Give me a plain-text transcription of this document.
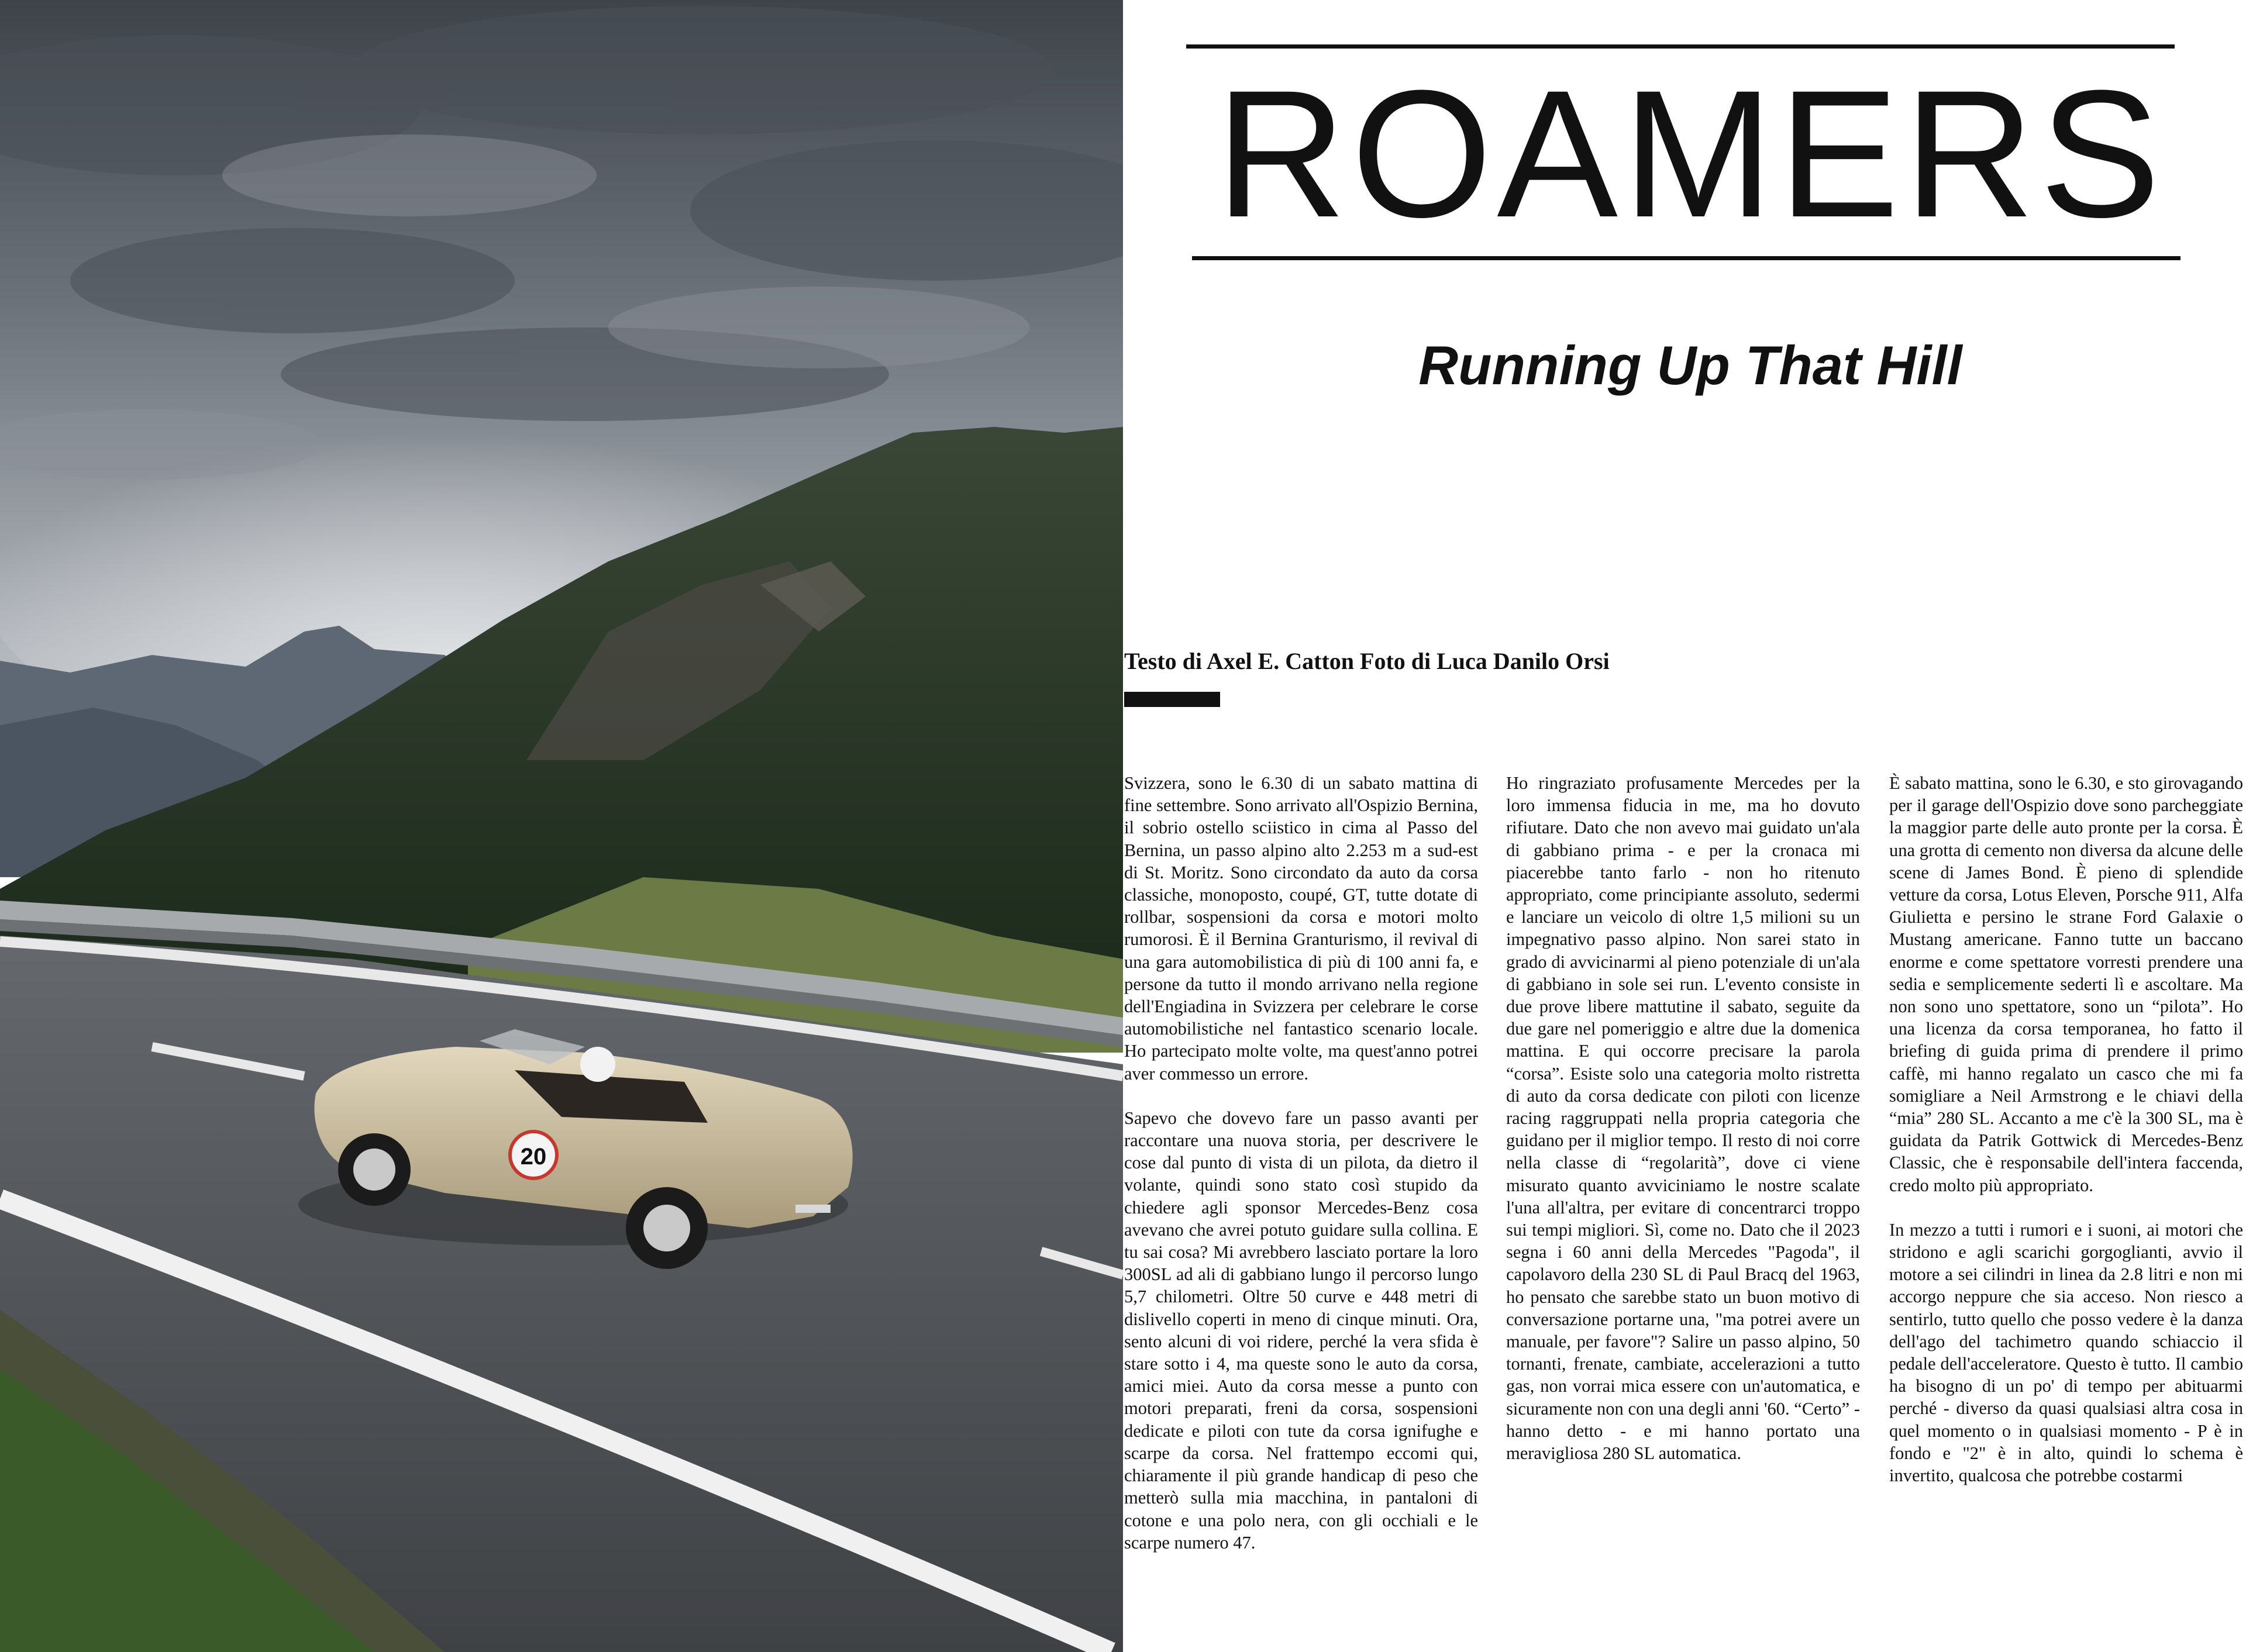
20
ROAMERS
Running Up That Hill
Testo di Axel E. Catton Foto di Luca Danilo Orsi

Svizzera, sono le 6.30 di un sabato mattina di fine settembre. Sono arrivato all'Ospizio Bernina, il sobrio ostello sciistico in cima al Passo del Bernina, un passo alpino alto 2.253 m a sud-est di St. Moritz. Sono circondato da auto da corsa classiche, monoposto, coupé, GT, tutte dotate di rollbar, sospensioni da corsa e motori molto rumorosi. È il Bernina Granturismo, il revival di una gara automobilistica di più di 100 anni fa, e persone da tutto il mondo arrivano nella regione dell'Engiadina in Svizzera per celebrare le corse automobilistiche nel fantastico scenario locale. Ho partecipato molte volte, ma quest'anno potrei aver commesso un errore.

Sapevo che dovevo fare un passo avanti per raccontare una nuova storia, per descrivere le cose dal punto di vista di un pilota, da dietro il volante, quindi sono stato così stupido da chiedere agli sponsor Mercedes-Benz cosa avevano che avrei potuto guidare sulla collina. E tu sai cosa? Mi avrebbero lasciato portare la loro 300SL ad ali di gabbiano lungo il percorso lungo 5,7 chilometri. Oltre 50 curve e 448 metri di dislivello coperti in meno di cinque minuti. Ora, sento alcuni di voi ridere, perché la vera sfida è stare sotto i 4, ma queste sono le auto da corsa, amici miei. Auto da corsa messe a punto con motori preparati, freni da corsa, sospensioni dedicate e piloti con tute da corsa ignifughe e scarpe da corsa. Nel frattempo eccomi qui, chiaramente il più grande handicap di peso che metterò sulla mia macchina, in pantaloni di cotone e una polo nera, con gli occhiali e le scarpe numero 47.

Ho ringraziato profusamente Mercedes per la loro immensa fiducia in me, ma ho dovuto rifiutare. Dato che non avevo mai guidato un'ala di gabbiano prima - e per la cronaca mi piacerebbe tanto farlo - non ho ritenuto appropriato, come principiante assoluto, sedermi e lanciare un veicolo di oltre 1,5 milioni su un impegnativo passo alpino. Non sarei stato in grado di avvicinarmi al pieno potenziale di un'ala di gabbiano in sole sei run. L'evento consiste in due prove libere mattutine il sabato, seguite da due gare nel pomeriggio e altre due la domenica mattina. E qui occorre precisare la parola “corsa”. Esiste solo una categoria molto ristretta di auto da corsa dedicate con piloti con licenze racing raggruppati nella propria categoria che guidano per il miglior tempo. Il resto di noi corre nella classe di “regolarità”, dove ci viene misurato quanto avviciniamo le nostre scalate l'una all'altra, per evitare di concentrarci troppo sui tempi migliori. Sì, come no. Dato che il 2023 segna i 60 anni della Mercedes "Pagoda", il capolavoro della 230 SL di Paul Bracq del 1963, ho pensato che sarebbe stato un buon motivo di conversazione portarne una, "ma potrei avere un manuale, per favore"? Salire un passo alpino, 50 tornanti, frenate, cambiate, accelerazioni a tutto gas, non vorrai mica essere con un'automatica, e sicuramente non con una degli anni '60. “Certo” - hanno detto - e mi hanno portato una meravigliosa 280 SL automatica.

È sabato mattina, sono le 6.30, e sto girovagando per il garage dell'Ospizio dove sono parcheggiate la maggior parte delle auto pronte per la corsa. È una grotta di cemento non diversa da alcune delle scene di James Bond. È pieno di splendide vetture da corsa, Lotus Eleven, Porsche 911, Alfa Giulietta e persino le strane Ford Galaxie o Mustang americane. Fanno tutte un baccano enorme e come spettatore vorresti prendere una sedia e semplicemente sederti lì e ascoltare. Ma non sono uno spettatore, sono un “pilota”. Ho una licenza da corsa temporanea, ho fatto il briefing di guida prima di prendere il primo caffè, mi hanno regalato un casco che mi fa somigliare a Neil Armstrong e le chiavi della “mia” 280 SL. Accanto a me c'è la 300 SL, ma è guidata da Patrik Gottwick di Mercedes-Benz Classic, che è responsabile dell'intera faccenda, credo molto più appropriato.

In mezzo a tutti i rumori e i suoni, ai motori che stridono e agli scarichi gorgoglianti, avvio il motore a sei cilindri in linea da 2.8 litri e non mi accorgo neppure che sia acceso. Non riesco a sentirlo, tutto quello che posso vedere è la danza dell'ago del tachimetro quando schiaccio il pedale dell'acceleratore. Questo è tutto. Il cambio ha bisogno di un po' di tempo per abituarmi perché - diverso da quasi qualsiasi altra cosa in quel momento o in qualsiasi momento - P è in fondo e "2" è in alto, quindi lo schema è invertito, qualcosa che potrebbe costarmi
